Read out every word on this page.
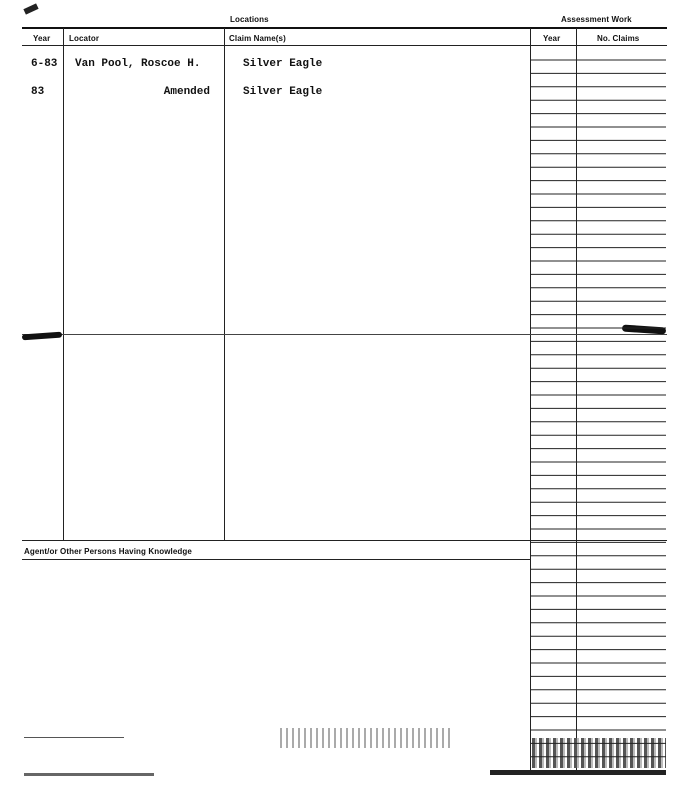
Locations	Assessment Work
Year Locator	Claim Name(s)	Year	No. Claims
6-83 Van Pool, Roscoe H.	Silver Eagle
83	Amended	Silver Eagle
Agent/or Other Persons Having Knowledge
